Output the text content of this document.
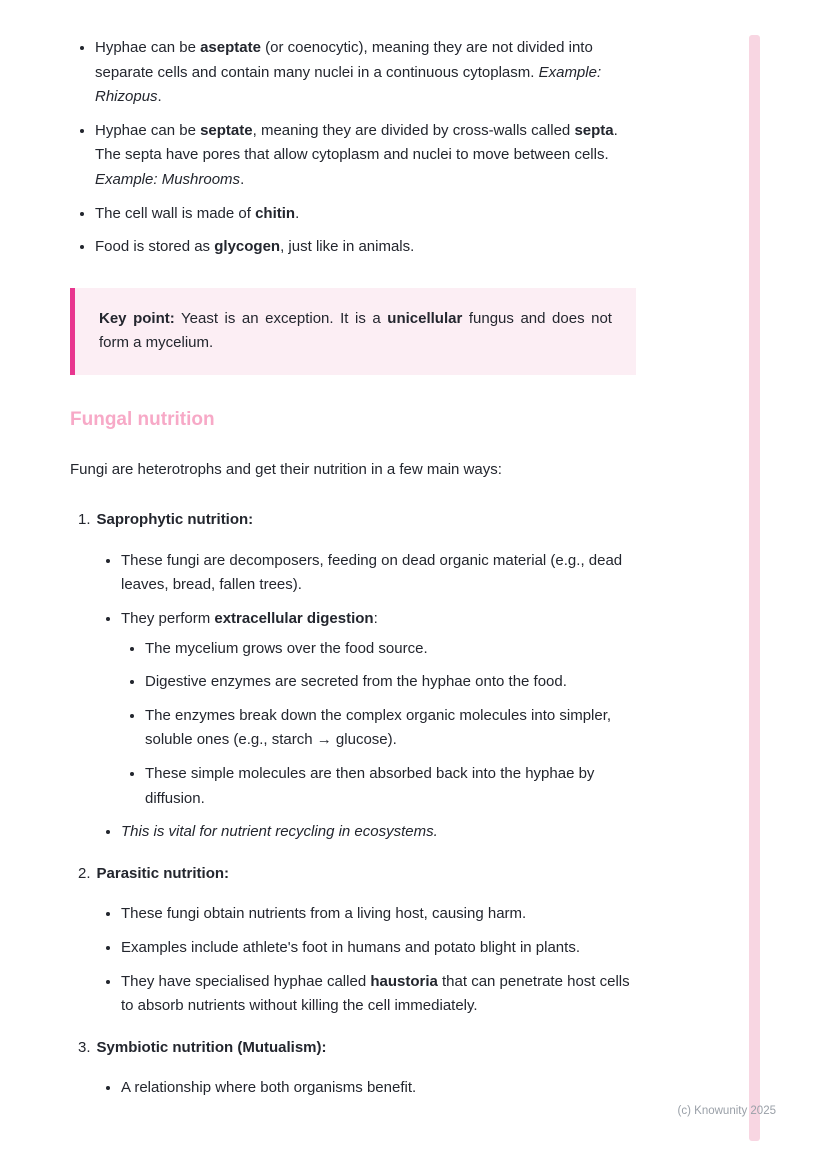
• Hyphae can be aseptate (or coenocytic), meaning they are not divided into separate cells and contain many nuclei in a continuous cytoplasm. Example: Rhizopus.
• Hyphae can be septate, meaning they are divided by cross-walls called septa. The septa have pores that allow cytoplasm and nuclei to move between cells. Example: Mushrooms.
• The cell wall is made of chitin.
• Food is stored as glycogen, just like in animals.

Key point: Yeast is an exception. It is a unicellular fungus and does not form a mycelium.

Fungal nutrition

Fungi are heterotrophs and get their nutrition in a few main ways:

1. Saprophytic nutrition:

• These fungi are decomposers, feeding on dead organic material (e.g., dead leaves, bread, fallen trees).
• They perform extracellular digestion:
• The mycelium grows over the food source.
• Digestive enzymes are secreted from the hyphae onto the food.
• The enzymes break down the complex organic molecules into simpler, soluble ones (e.g., starch → glucose).
• These simple molecules are then absorbed back into the hyphae by diffusion.
• This is vital for nutrient recycling in ecosystems.

2. Parasitic nutrition:

• These fungi obtain nutrients from a living host, causing harm.
• Examples include athlete's foot in humans and potato blight in plants.
• They have specialised hyphae called haustoria that can penetrate host cells to absorb nutrients without killing the cell immediately.

3. Symbiotic nutrition (Mutualism):

• A relationship where both organisms benefit.
(c) Knowunity 2025
